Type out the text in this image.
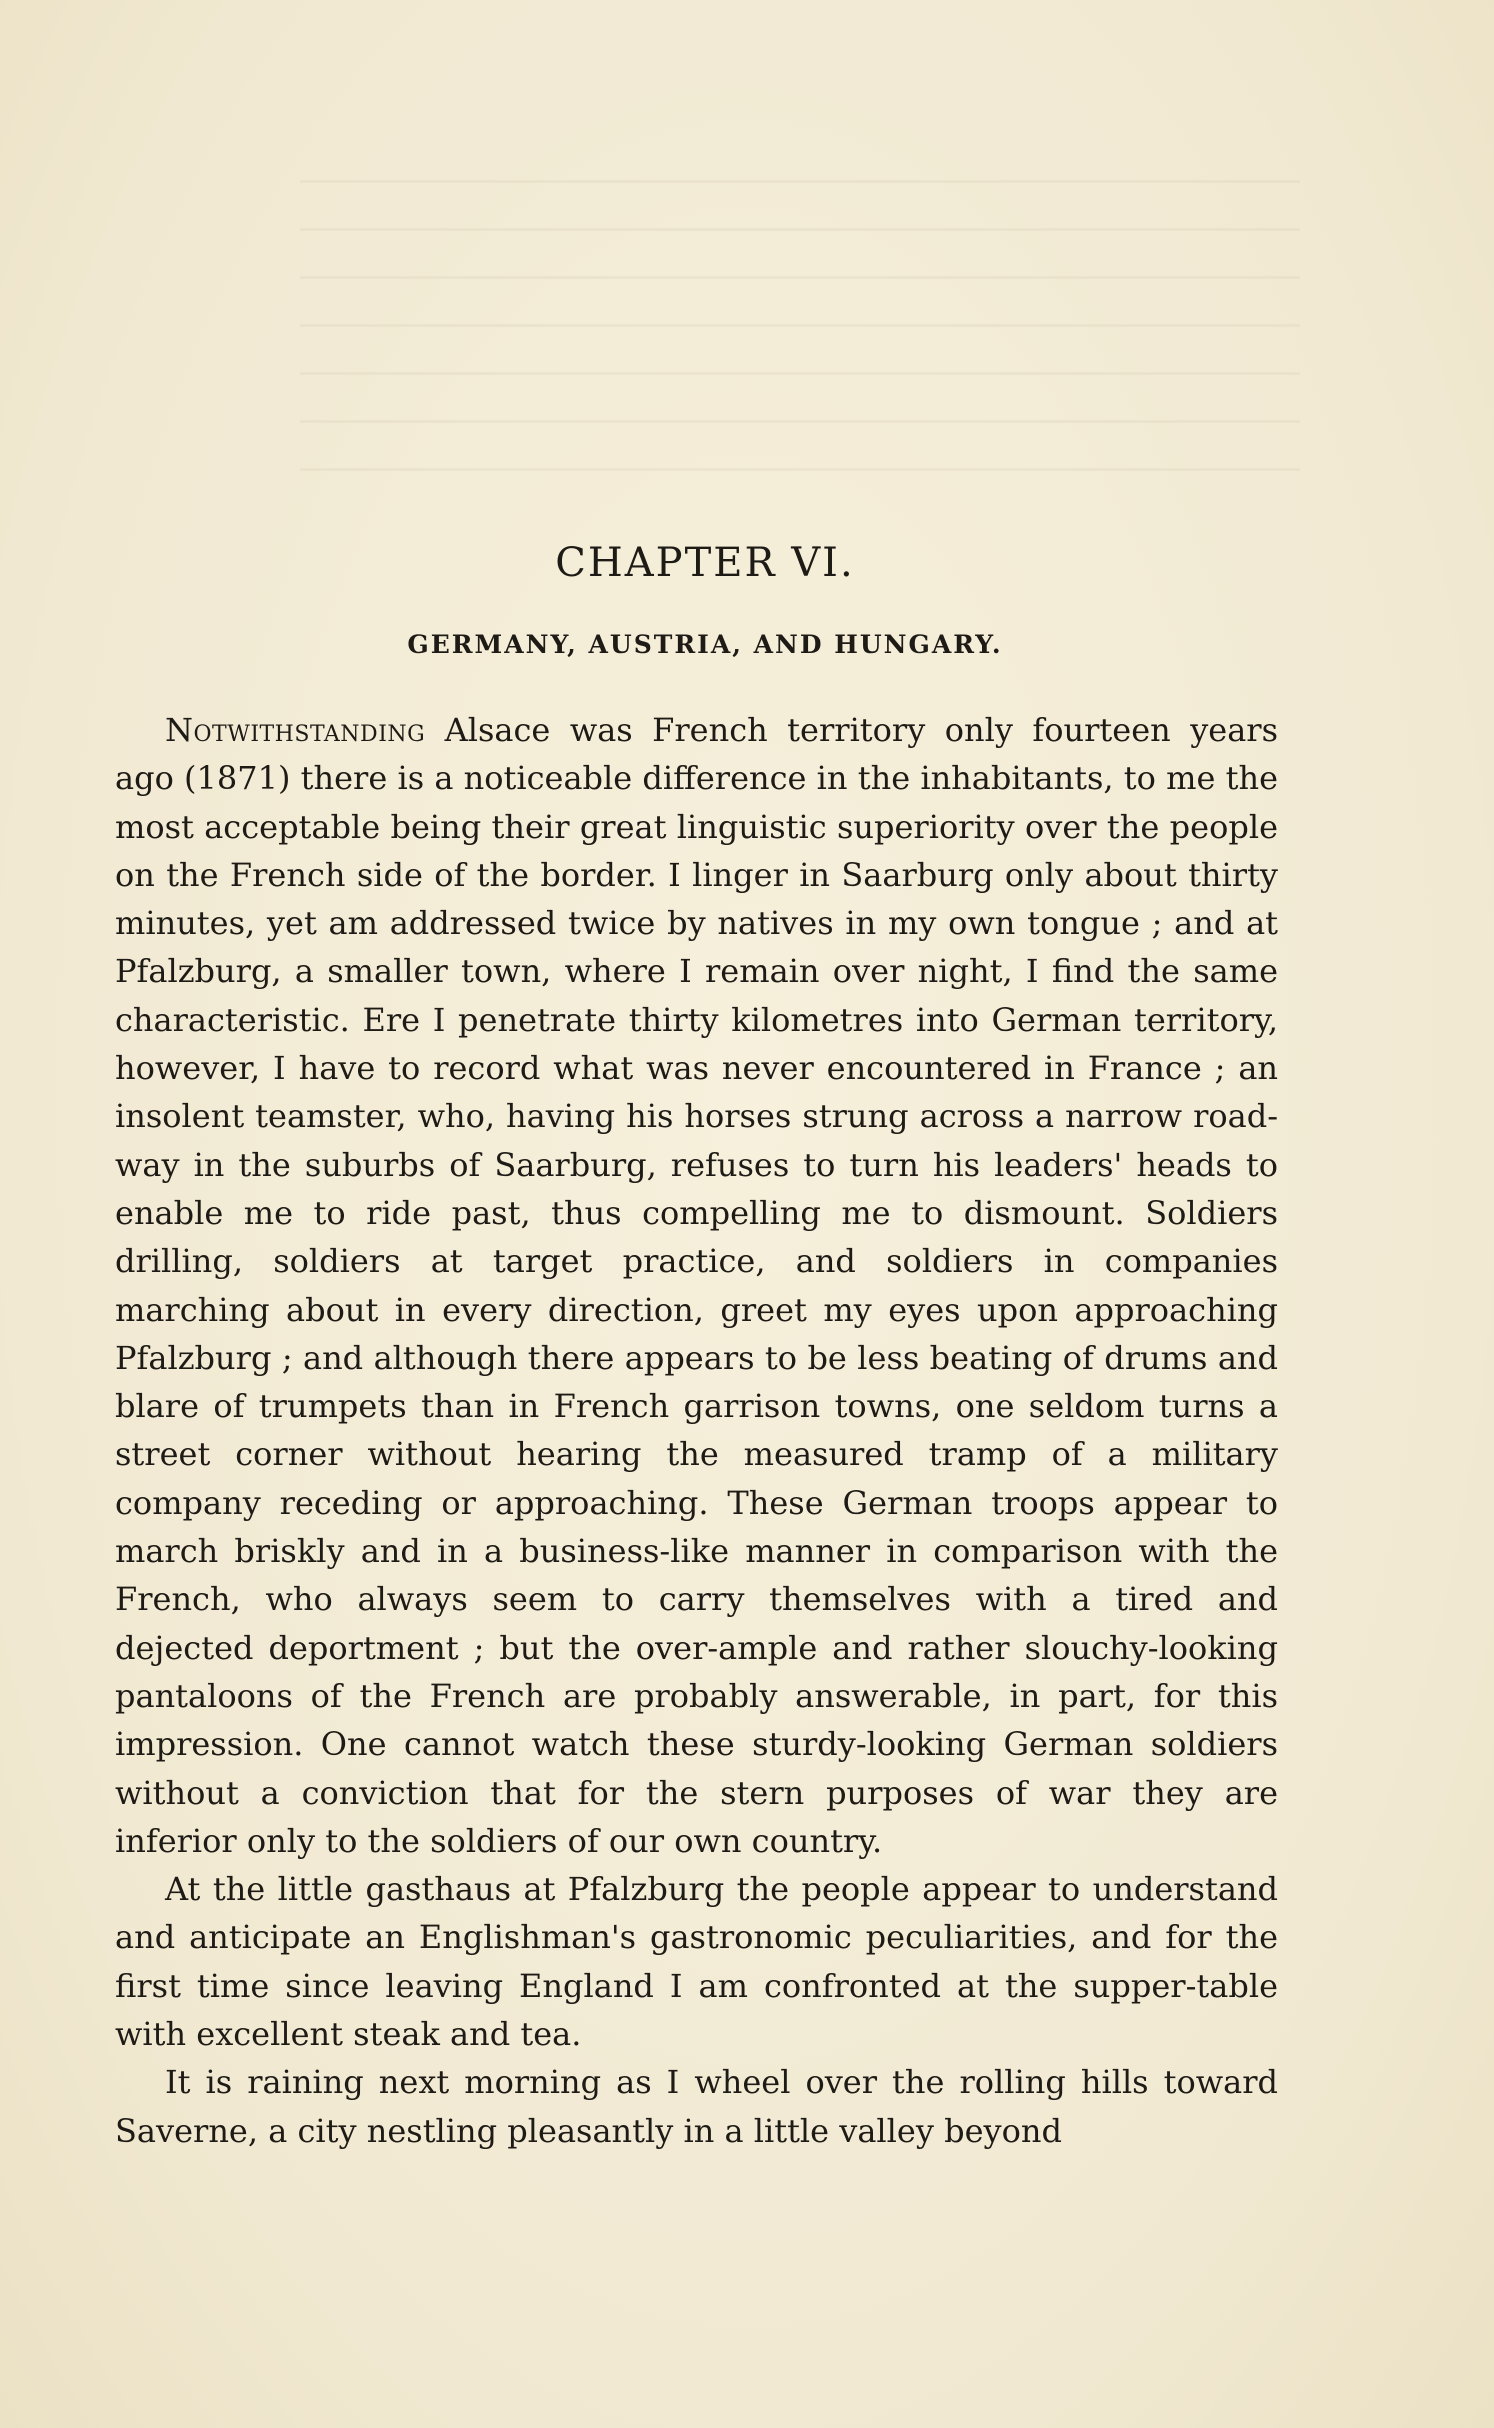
CHAPTER VI.
GERMANY, AUSTRIA, AND HUNGARY.

Notwithstanding Alsace was French territory only fourteen years ago (1871) there is a noticeable difference in the inhabitants, to me the most acceptable being their great linguistic superiority over the people on the French side of the border. I linger in Saarburg only about thirty minutes, yet am addressed twice by natives in my own tongue ; and at Pfalzburg, a smaller town, where I remain over night, I find the same characteristic. Ere I penetrate thirty kilometres into German territory, however, I have to record what was never encountered in France ; an insolent teamster, who, having his horses strung across a narrow road-way in the suburbs of Saarburg, refuses to turn his leaders' heads to enable me to ride past, thus compelling me to dismount. Soldiers drilling, soldiers at target practice, and soldiers in companies marching about in every direction, greet my eyes upon approaching Pfalzburg ; and although there appears to be less beating of drums and blare of trumpets than in French garrison towns, one seldom turns a street corner without hearing the measured tramp of a military company receding or approaching. These German troops appear to march briskly and in a business-like manner in comparison with the French, who always seem to carry themselves with a tired and dejected deportment ; but the over-ample and rather slouchy-looking pantaloons of the French are probably answerable, in part, for this impression. One cannot watch these sturdy-looking German soldiers without a conviction that for the stern purposes of war they are inferior only to the soldiers of our own country.

At the little gasthaus at Pfalzburg the people appear to understand and anticipate an Englishman's gastronomic peculiarities, and for the first time since leaving England I am confronted at the supper-table with excellent steak and tea.

It is raining next morning as I wheel over the rolling hills toward Saverne, a city nestling pleasantly in a little valley beyond
